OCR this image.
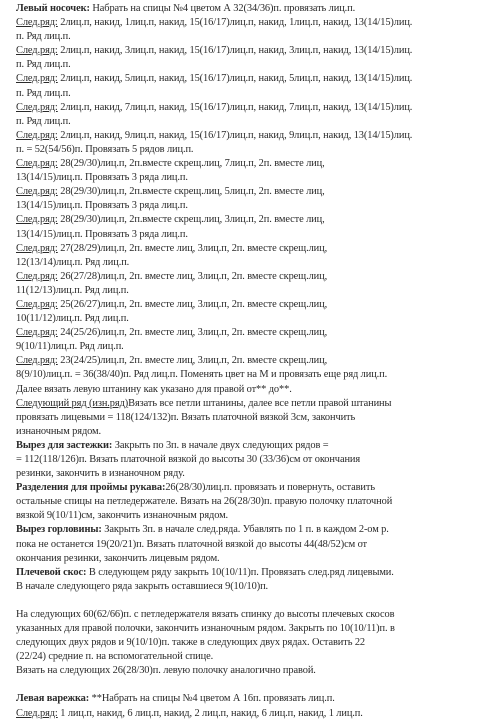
Левый носочек: Набрать на спицы №4 цветом А 32(34/36)п. провязать лиц.п.
След.ряд: 2лиц.п, накид, 1лиц.п, накид, 15(16/17)лиц.п, накид, 1лиц.п, накид, 13(14/15)лиц.
п. Ряд лиц.п.
След.ряд: 2лиц.п, накид, 3лиц.п, накид, 15(16/17)лиц.п, накид, 3лиц.п, накид, 13(14/15)лиц.
п. Ряд лиц.п.
След.ряд: 2лиц.п, накид, 5лиц.п, накид, 15(16/17)лиц.п, накид, 5лиц.п, накид, 13(14/15)лиц.
п. Ряд лиц.п.
След.ряд: 2лиц.п, накид, 7лиц.п, накид, 15(16/17)лиц.п, накид, 7лиц.п, накид, 13(14/15)лиц.
п. Ряд лиц.п.
След.ряд: 2лиц.п, накид, 9лиц.п, накид, 15(16/17)лиц.п, накид, 9лиц.п, накид, 13(14/15)лиц.
п. = 52(54/56)п. Провязать 5 рядов лиц.п.
След.ряд: 28(29/30)лиц.п, 2п.вместе скрещ.лиц, 7лиц.п, 2п. вместе лиц,
13(14/15)лиц.п. Провязать 3 ряда лиц.п.
След.ряд: 28(29/30)лиц.п, 2п.вместе скрещ.лиц, 5лиц.п, 2п. вместе лиц,
13(14/15)лиц.п. Провязать 3 ряда лиц.п.
След.ряд: 28(29/30)лиц.п, 2п.вместе скрещ.лиц, 3лиц.п, 2п. вместе лиц,
13(14/15)лиц.п. Провязать 3 ряда лиц.п.
След.ряд: 27(28/29)лиц.п, 2п. вместе лиц, 3лиц.п, 2п. вместе скрещ.лиц,
12(13/14)лиц.п. Ряд лиц.п.
След.ряд: 26(27/28)лиц.п, 2п. вместе лиц, 3лиц.п, 2п. вместе скрещ.лиц,
11(12/13)лиц.п. Ряд лиц.п.
След.ряд: 25(26/27)лиц.п, 2п. вместе лиц, 3лиц.п, 2п. вместе скрещ.лиц,
10(11/12)лиц.п. Ряд лиц.п.
След.ряд: 24(25/26)лиц.п, 2п. вместе лиц, 3лиц.п, 2п. вместе скрещ.лиц,
9(10/11)лиц.п. Ряд лиц.п.
След.ряд: 23(24/25)лиц.п, 2п. вместе лиц, 3лиц.п, 2п. вместе скрещ.лиц,
8(9/10)лиц.п. = 36(38/40)п. Ряд лиц.п. Поменять цвет на М и провязать еще ряд лиц.п.
Далее вязать левую штанину как указано для правой от** до**.
Следующий ряд (изн.ряд)Вязать все петли штанины, далее все петли правой штанины
провязать лицевыми = 118(124/132)п. Вязать платочной вязкой 3см, закончить
изнаночным рядом.
Вырез для застежки: Закрыть по 3п. в начале двух следующих рядов =
= 112(118/126)п. Вязать платочной вязкой до высоты 30 (33/36)см от окончания
резинки, закончить в изнаночном ряду.
Разделения для проймы рукава:26(28/30)лиц.п. провязать и повернуть, оставить
остальные спицы на петледержателе. Вязать на 26(28/30)п. правую полочку платочной
вязкой 9(10/11)см, закончить изнаночным рядом.
Вырез горловины: Закрыть 3п. в начале след.ряда. Убавлять по 1 п. в каждом 2-ом р.
пока не останется 19(20/21)п. Вязать платочной вязкой до высоты 44(48/52)см от
окончания резинки, закончить лицевым рядом.
Плечевой скос: В следующем ряду закрыть 10(10/11)п. Провязать след.ряд лицевыми.
В начале следующего ряда закрыть оставшиеся 9(10/10)п.
На следующих 60(62/66)п. с петледержателя вязать спинку до высоты плечевых скосов
указанных для правой полочки, закончить изнаночным рядом. Закрыть по 10(10/11)п. в
следующих двух рядов и 9(10/10)п. также в следующих двух рядах. Оставить 22
(22/24) средние п. на вспомогательной спице.
Вязать на следующих 26(28/30)п. левую полочку аналогично правой.
Левая варежка: **Набрать на спицы №4 цветом А 16п. провязать лиц.п.
След.ряд: 1 лиц.п, накид, 6 лиц.п, накид, 2 лиц.п, накид, 6 лиц.п, накид, 1 лиц.п.
